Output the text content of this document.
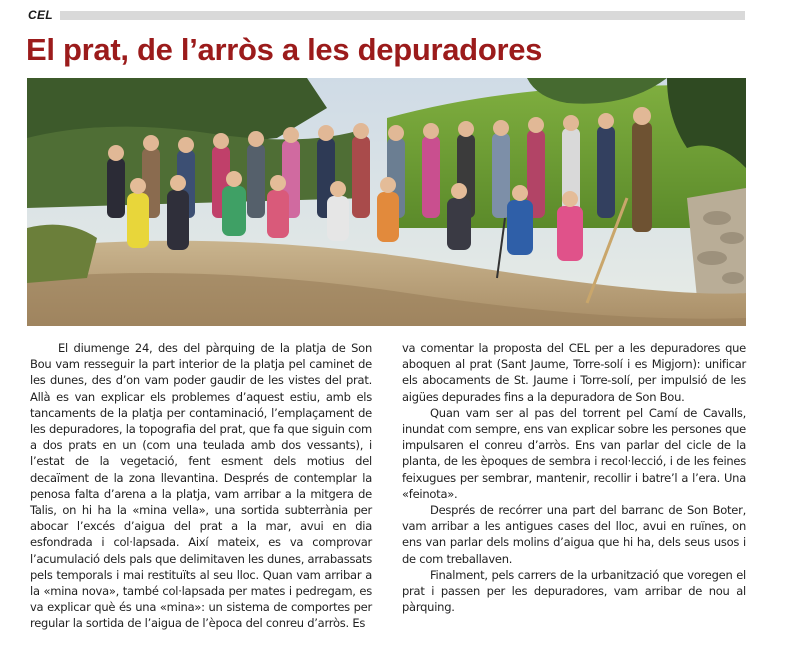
CEL
El prat, de l’arròs a les depuradores

El diumenge 24, des del pàrquing de la platja de Son Bou vam resseguir la part interior de la platja pel caminet de les dunes, des d’on vam poder gaudir de les vistes del prat. Allà es van explicar els problemes d’aquest estiu, amb els tancaments de la platja per contaminació, l’emplaçament de les depuradores, la topografia del prat, que fa que siguin com a dos prats en un (com una teulada amb dos vessants), i l’estat de la vegetació, fent esment dels motius del decaïment de la zona llevantina. Després de contemplar la penosa falta d’arena a la platja, vam arribar a la mitgera de Talis, on hi ha la «mina vella», una sortida subterrània per abocar l’excés d’aigua del prat a la mar, avui en dia esfondrada i col·lapsada. Així mateix, es va comprovar l’acumulació dels pals que delimitaven les dunes, arrabassats pels temporals i mai restituïts al seu lloc. Quan vam arribar a la «mina nova», també col·lapsada per mates i pedregam, es va explicar què és una «mina»: un sistema de comportes per regular la sortida de l’aigua de l’època del conreu d’arròs. Es

va comentar la proposta del CEL per a les depuradores que aboquen al prat (Sant Jaume, Torre-solí i es Migjorn): unificar els abocaments de St. Jaume i Torre-solí, per impulsió de les aigües depurades fins a la depuradora de Son Bou.

Quan vam ser al pas del torrent pel Camí de Cavalls, inundat com sempre, ens van explicar sobre les persones que impulsaren el conreu d’arròs. Ens van parlar del cicle de la planta, de les èpoques de sembra i recol·lecció, i de les feines feixugues per sembrar, mantenir, recollir i batre’l a l’era. Una «feinota».

Després de recórrer una part del barranc de Son Boter, vam arribar a les antigues cases del lloc, avui en ruïnes, on ens van parlar dels molins d’aigua que hi ha, dels seus usos i de com treballaven.

Finalment, pels carrers de la urbanització que voregen el prat i passen per les depuradores, vam arribar de nou al pàrquing.
